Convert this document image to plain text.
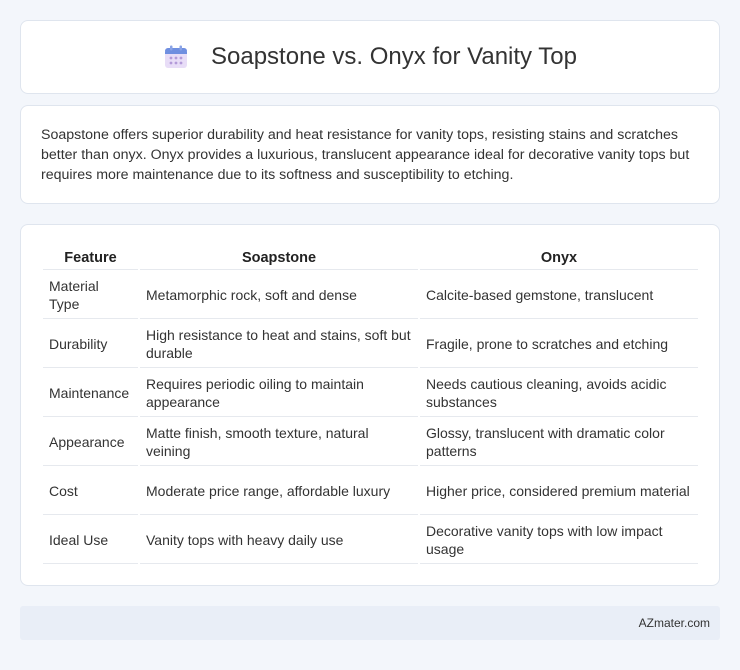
Soapstone vs. Onyx for Vanity Top

Soapstone offers superior durability and heat resistance for vanity tops, resisting stains and scratches better than onyx. Onyx provides a luxurious, translucent appearance ideal for decorative vanity tops but requires more maintenance due to its softness and susceptibility to etching.

Feature	Soapstone	Onyx
Material Type	Metamorphic rock, soft and dense	Calcite-based gemstone, translucent
Durability	High resistance to heat and stains, soft but durable	Fragile, prone to scratches and etching
Maintenance	Requires periodic oiling to maintain appearance	Needs cautious cleaning, avoids acidic substances
Appearance	Matte finish, smooth texture, natural veining	Glossy, translucent with dramatic color patterns
Cost	Moderate price range, affordable luxury	Higher price, considered premium material
Ideal Use	Vanity tops with heavy daily use	Decorative vanity tops with low impact usage
AZmater.com
